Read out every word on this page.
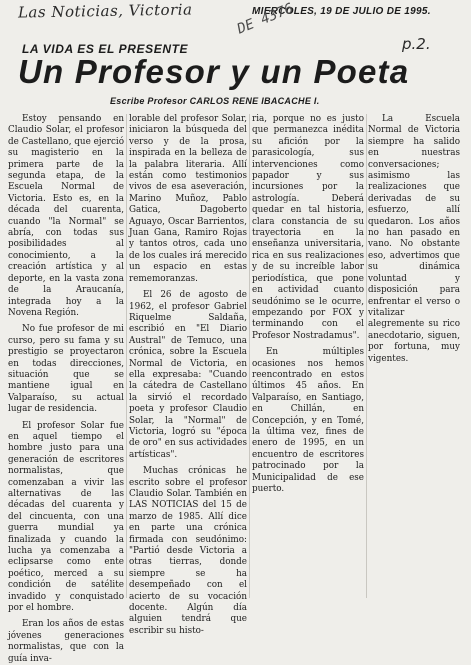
Las Noticias, Victoria	MIERCOLES, 19 DE JULIO DE 1995.
DE 4376
p.2.
LA VIDA ES EL PRESENTE
Un Profesor y un Poeta
Escribe Profesor CARLOS RENE IBACACHE I.

Estoy pensando en Claudio Solar, el profesor de Castellano, que ejerció su magisterio en la primera parte de la segunda etapa, de la Escuela Normal de Victoria. Esto es, en la década del cuarenta, cuando "la Normal" se abría, con todas sus posibilidades al conocimiento, a la creación artística y al deporte, en la vasta zona de la Araucanía, integrada hoy a la Novena Región.

No fue profesor de mi curso, pero su fama y su prestigio se proyectaron en todas direcciones, situación que se mantiene igual en Valparaíso, su actual lugar de residencia.

El profesor Solar fue en aquel tiempo el hombre justo para una generación de escritores normalistas, que comenzaban a vivir las alternativas de las décadas del cuarenta y del cincuenta, con una guerra mundial ya finalizada y cuando la lucha ya comenzaba a eclipsarse como ente poético, merced a su condición de satélite invadido y conquistado por el hombre.

Eran los años de estas jóvenes generaciones normalistas, que con la guía inva-

lorable del profesor Solar, iniciaron la búsqueda del verso y de la prosa, inspirada en la belleza de la palabra literaria. Allí están como testimonios vivos de esa aseveración, Marino Muñoz, Pablo Gatica, Dagoberto Aguayo, Oscar Barrientos, Juan Gana, Ramiro Rojas y tantos otros, cada uno de los cuales irá merecido un espacio en estas rememoranzas.

El 26 de agosto de 1962, el profesor Gabriel Riquelme Saldaña, escribió en "El Diario Austral" de Temuco, una crónica, sobre la Escuela Normal de Victoria, en ella expresaba: "Cuando la cátedra de Castellano la sirvió el recordado poeta y profesor Claudio Solar, la "Normal" de Victoria, logró su "época de oro" en sus actividades artísticas".

Muchas crónicas he escrito sobre el profesor Claudio Solar. También en LAS NOTICIAS del 15 de marzo de 1985. Allí dice en parte una crónica firmada con seudónimo: "Partió desde Victoria a otras tierras, donde siempre se ha desempeñado con el acierto de su vocación docente. Algún día alguien tendrá que escribir su histo-

ria, porque no es justo que permanezca inédita su afición por la parasicología, sus intervenciones como papador y sus incursiones por la astrología. Deberá quedar en tal historia, clara constancia de su trayectoria en la enseñanza universitaria, rica en sus realizaciones y de su increíble labor periodística, que pone en actividad cuanto seudónimo se le ocurre, empezando por FOX y terminando con el Profesor Nostradamus".

En múltiples ocasiones nos hemos reencontrado en estos últimos 45 años. En Valparaíso, en Santiago, en Chillán, en Concepción, y en Tomé, la última vez, fines de enero de 1995, en un encuentro de escritores patrocinado por la Municipalidad de ese puerto.

La Escuela Normal de Victoria siempre ha salido en nuestras conversaciones; asimismo las realizaciones que derivadas de su esfuerzo, allí quedaron. Los años no han pasado en vano. No obstante eso, advertimos que su dinámica voluntad y disposición para enfrentar el verso o vitalizar alegremente su rico anecdotario, siguen, por fortuna, muy vigentes.
